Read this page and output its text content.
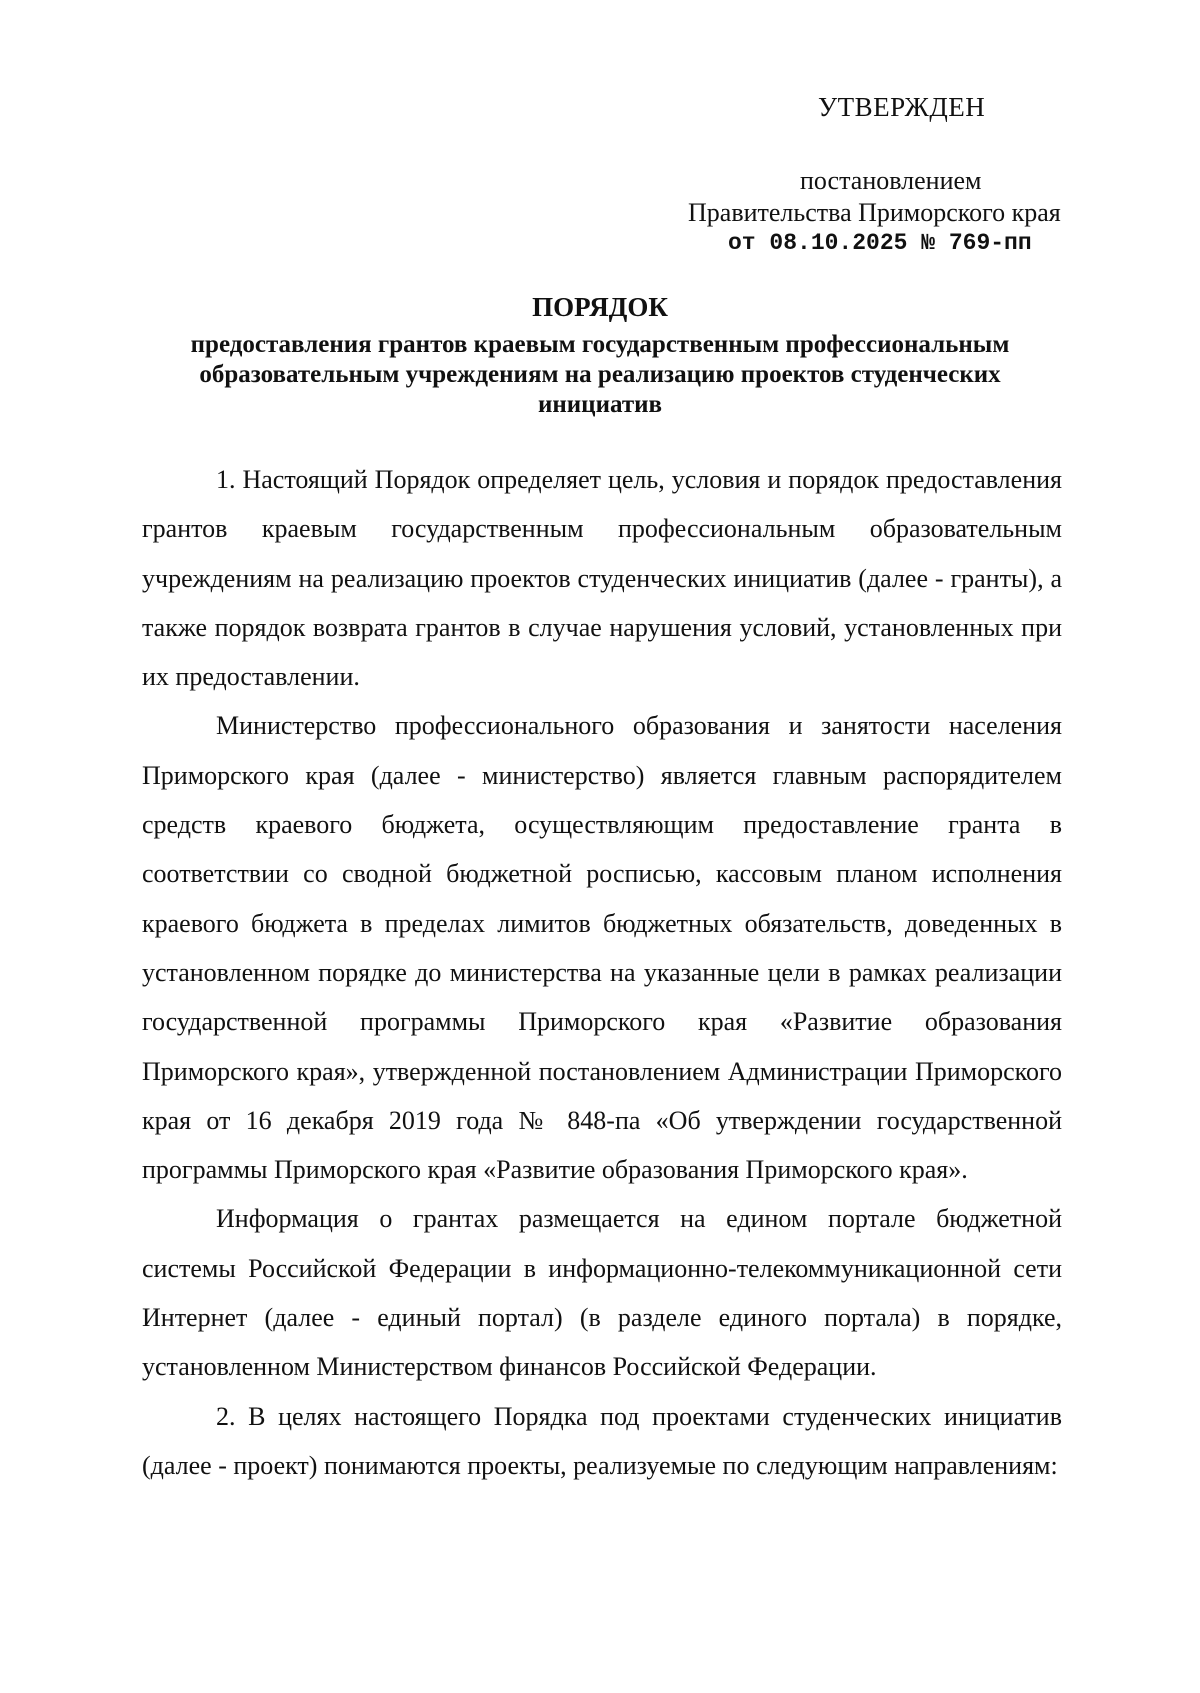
УТВЕРЖДЕН
постановлением
Правительства Приморского края
от 08.10.2025 № 769-пп
ПОРЯДОК
предоставления грантов краевым государственным профессиональным образовательным учреждениям на реализацию проектов студенческих инициатив

1. Настоящий Порядок определяет цель, условия и порядок предоставления грантов краевым государственным профессиональным образовательным учреждениям на реализацию проектов студенческих инициатив (далее - гранты), а также порядок возврата грантов в случае нарушения условий, установленных при их предоставлении.

Министерство профессионального образования и занятости населения Приморского края (далее - министерство) является главным распорядителем средств краевого бюджета, осуществляющим предоставление гранта в соответствии со сводной бюджетной росписью, кассовым планом исполнения краевого бюджета в пределах лимитов бюджетных обязательств, доведенных в установленном порядке до министерства на указанные цели в рамках реализации государственной программы Приморского края «Развитие образования Приморского края», утвержденной постановлением Администрации Приморского края от 16 декабря 2019 года № 848-па «Об утверждении государственной программы Приморского края «Развитие образования Приморского края».

Информация о грантах размещается на едином портале бюджетной системы Российской Федерации в информационно-телекоммуникационной сети Интернет (далее - единый портал) (в разделе единого портала) в порядке, установленном Министерством финансов Российской Федерации.

2. В целях настоящего Порядка под проектами студенческих инициатив (далее - проект) понимаются проекты, реализуемые по следующим направлениям:
